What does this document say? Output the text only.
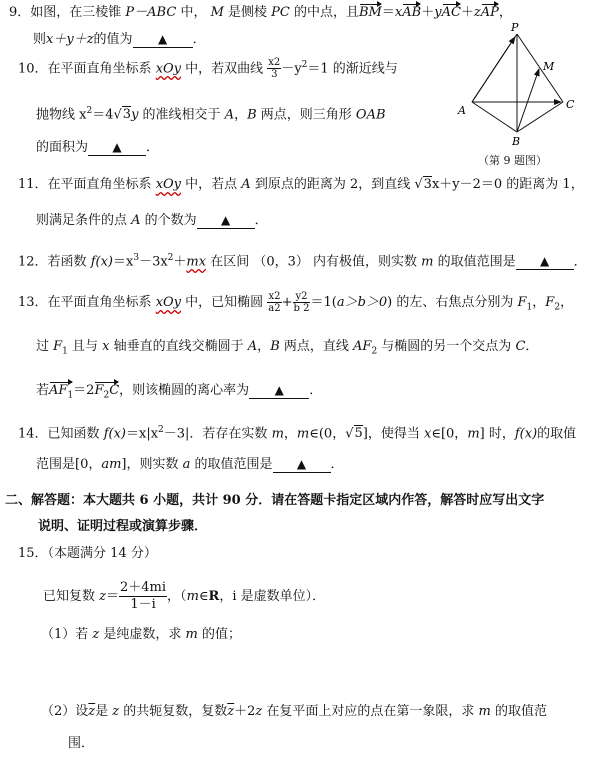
9．如图，在三棱锥 P－ABC 中， M 是侧棱 PC 的中点，且BM＝xAB＋yAC＋zAP，
则x＋y＋z的值为 ▲ ．
P
M
A	C
B
（第 9 题图）
10．在平面直角坐标系 xOy 中，若双曲线 $\frac{x2}{3} -y^2=1$ 的渐近线与
抛物线 $x^2=4√3y$ 的准线相交于 A，B 两点，则三角形 OAB
的面积为 ▲ ．
11．在平面直角坐标系 xOy 中，若点 A 到原点的距离为 2，到直线 √3x＋y－2＝0 的距离为 1，
则满足条件的点 A 的个数为 ▲ ．
12．若函数 $f(x)=x^3-3x^2+mx$ 在区间 （0，3） 内有极值，则实数 m 的取值范围是 ▲ ．
13．在平面直角坐标系 xOy 中，已知椭圆 $\frac{x2}{a2} + \frac{y2}{b 2} =1(a>b>0)$ 的左、右焦点分别为 $F_1$，$F_2$，
过 $F_1$ 且与 x 轴垂直的直线交椭圆于 A，B 两点，直线 $AF_2$ 与椭圆的另一个交点为 C．
若$AF_1=2F_2C$，则该椭圆的离心率为 ▲ ．
14．已知函数 $f(x)=x|x^2-3|$．若存在实数 m，m∈(0，√5]，使得当 x∈[0，m] 时，f(x)的取值
范围是[0，am]，则实数 a 的取值范围是 ▲ ．
二、解答题：本大题共 6 小题，共计 90 分．请在答题卡指定区域内作答，解答时应写出文字
说明、证明过程或演算步骤．
15．（本题满分 14 分）
已知复数 $z= \frac{2+4mi}{1-i}$ ，（m∈R，i 是虚数单位）．
（1）若 z 是纯虚数，求 m 的值；
（2）设$\overline{z}$是 z 的共轭复数，复数$\overline{z}+2z$ 在复平面上对应的点在第一象限，求 m 的取值范
围．
